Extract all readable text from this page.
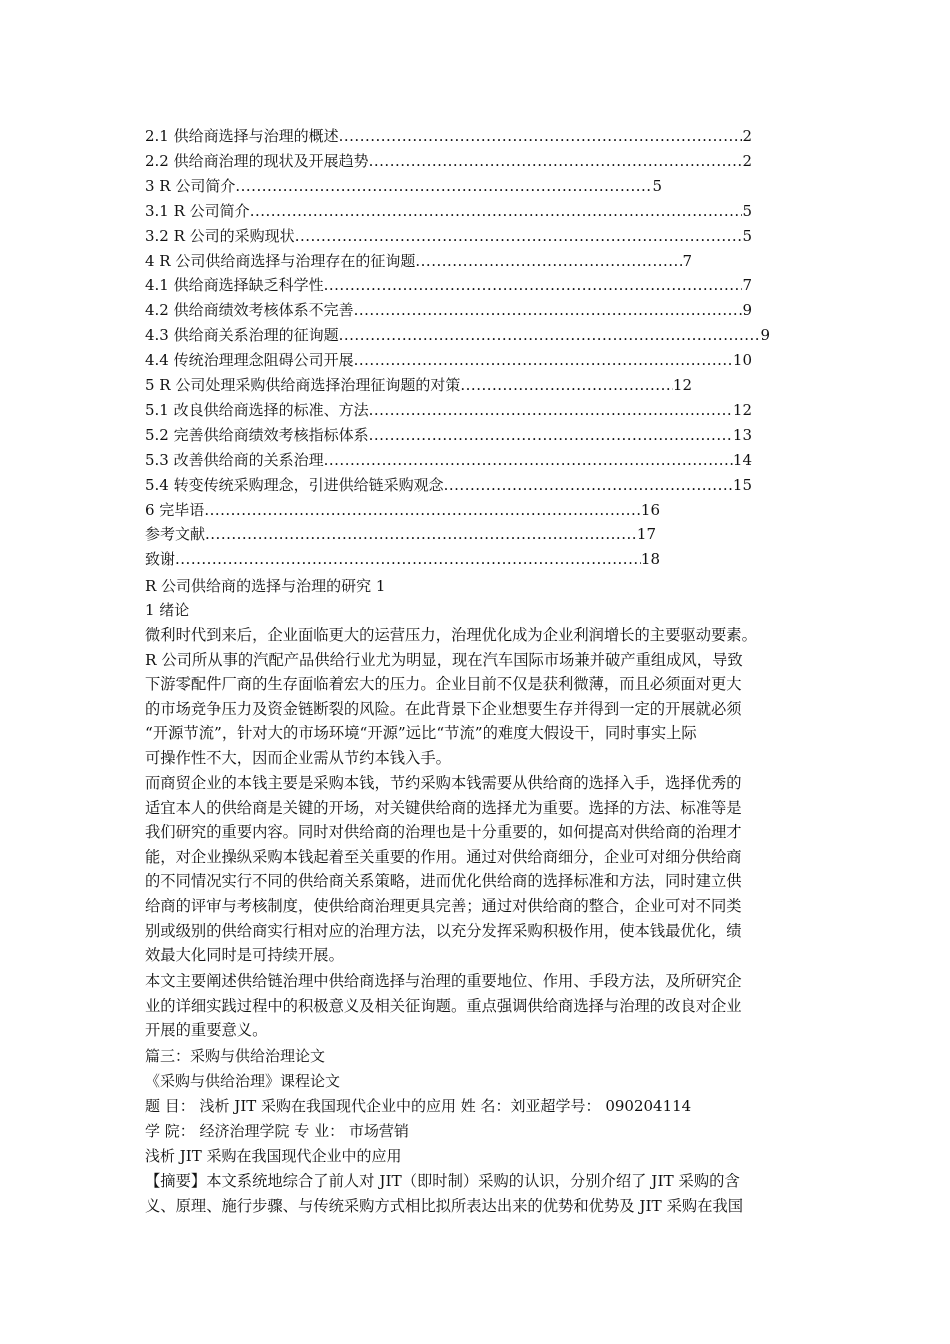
2.1 供给商选择与治理的概述 .....	2
2.2 供给商治理的现状及开展趋势 .....	2
3 R 公司简介 .....	5
3.1 R 公司简介 .....	5
3.2 R 公司的采购现状 .....	5
4 R 公司供给商选择与治理存在的征询题 .....	7
4.1 供给商选择缺乏科学性 .....	7
4.2 供给商绩效考核体系不完善 .....	9
4.3 供给商关系治理的征询题 .....	9
4.4 传统治理理念阻碍公司开展 .....	10
5 R 公司处理采购供给商选择治理征询题的对策 .....	12
5.1 改良供给商选择的标准、方法 .....	12
5.2 完善供给商绩效考核指标体系 .....	13
5.3 改善供给商的关系治理 .....	14
5.4 转变传统采购理念，引进供给链采购观念 .....	15
6 完毕语 .....	16
参考文献 .....	17
致谢 .....	18
R 公司供给商的选择与治理的研究 1
1 绪论

微利时代到来后，企业面临更大的运营压力，治理优化成为企业利润增长的主要驱动要素。

R 公司所从事的汽配产品供给行业尤为明显，现在汽车国际市场兼并破产重组成风，导致

下游零配件厂商的生存面临着宏大的压力。企业目前不仅是获利微薄，而且必须面对更大

的市场竞争压力及资金链断裂的风险。在此背景下企业想要生存并得到一定的开展就必须

“开源节流”，针对大的市场环境“开源”远比“节流”的难度大假设干，同时事实上际

可操作性不大，因而企业需从节约本钱入手。

而商贸企业的本钱主要是采购本钱，节约采购本钱需要从供给商的选择入手，选择优秀的

适宜本人的供给商是关键的开场，对关键供给商的选择尤为重要。选择的方法、标准等是

我们研究的重要内容。同时对供给商的治理也是十分重要的，如何提高对供给商的治理才

能，对企业操纵采购本钱起着至关重要的作用。通过对供给商细分，企业可对细分供给商

的不同情况实行不同的供给商关系策略，进而优化供给商的选择标准和方法，同时建立供

给商的评审与考核制度，使供给商治理更具完善；通过对供给商的整合，企业可对不同类

别或级别的供给商实行相对应的治理方法，以充分发挥采购积极作用，使本钱最优化，绩

效最大化同时是可持续开展。

本文主要阐述供给链治理中供给商选择与治理的重要地位、作用、手段方法，及所研究企

业的详细实践过程中的积极意义及相关征询题。重点强调供给商选择与治理的改良对企业

开展的重要意义。

篇三：采购与供给治理论文
《采购与供给治理》课程论文
题 目： 浅析 JIT 采购在我国现代企业中的应用 姓 名：刘亚超学号： 090204114
学 院： 经济治理学院 专 业： 市场营销
浅析 JIT 采购在我国现代企业中的应用

【摘要】本文系统地综合了前人对 JIT（即时制）采购的认识，分别介绍了 JIT 采购的含

义、原理、施行步骤、与传统采购方式相比拟所表达出来的优势和优势及 JIT 采购在我国
